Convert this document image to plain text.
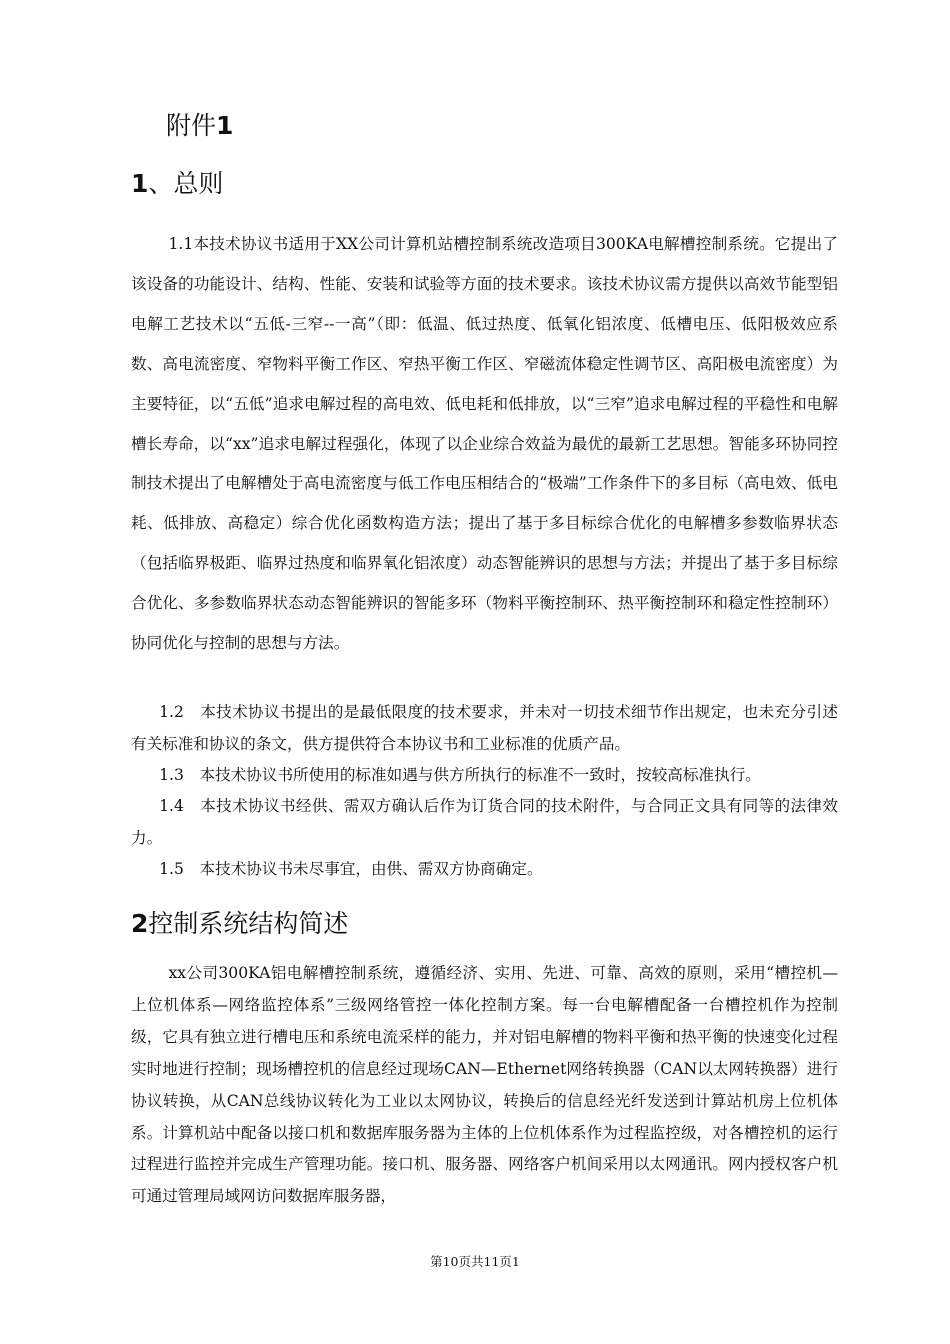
附件1
1、总则
1.1本技术协议书适用于XX公司计算机站槽控制系统改造项目300KA电解槽控制系统。它提出了该设备的功能设计、结构、性能、安装和试验等方面的技术要求。该技术协议需方提供以高效节能型铝电解工艺技术以“五低-三窄--一高”（即：低温、低过热度、低氧化铝浓度、低槽电压、低阳极效应系数、高电流密度、窄物料平衡工作区、窄热平衡工作区、窄磁流体稳定性调节区、高阳极电流密度）为主要特征，以“五低”追求电解过程的高电效、低电耗和低排放，以“三窄”追求电解过程的平稳性和电解槽长寿命，以“xx”追求电解过程强化，体现了以企业综合效益为最优的最新工艺思想。智能多环协同控制技术提出了电解槽处于高电流密度与低工作电压相结合的“极端”工作条件下的多目标（高电效、低电耗、低排放、高稳定）综合优化函数构造方法；提出了基于多目标综合优化的电解槽多参数临界状态（包括临界极距、临界过热度和临界氧化铝浓度）动态智能辨识的思想与方法；并提出了基于多目标综合优化、多参数临界状态动态智能辨识的智能多环（物料平衡控制环、热平衡控制环和稳定性控制环）协同优化与控制的思想与方法。
1.2　本技术协议书提出的是最低限度的技术要求，并未对一切技术细节作出规定，也未充分引述有关标准和协议的条文，供方提供符合本协议书和工业标准的优质产品。
1.3　本技术协议书所使用的标准如遇与供方所执行的标准不一致时，按较高标准执行。
1.4　本技术协议书经供、需双方确认后作为订货合同的技术附件，与合同正文具有同等的法律效力。
1.5　本技术协议书未尽事宜，由供、需双方协商确定。
2控制系统结构简述
xx公司300KA铝电解槽控制系统，遵循经济、实用、先进、可靠、高效的原则，采用“槽控机—上位机体系—网络监控体系”三级网络管控一体化控制方案。每一台电解槽配备一台槽控机作为控制级，它具有独立进行槽电压和系统电流采样的能力，并对铝电解槽的物料平衡和热平衡的快速变化过程实时地进行控制；现场槽控机的信息经过现场CAN—Ethernet网络转换器（CAN以太网转换器）进行协议转换，从CAN总线协议转化为工业以太网协议，转换后的信息经光纤发送到计算站机房上位机体系。计算机站中配备以接口机和数据库服务器为主体的上位机体系作为过程监控级，对各槽控机的运行过程进行监控并完成生产管理功能。接口机、服务器、网络客户机间采用以太网通讯。网内授权客户机可通过管理局域网访问数据库服务器，
第10页共11页1
